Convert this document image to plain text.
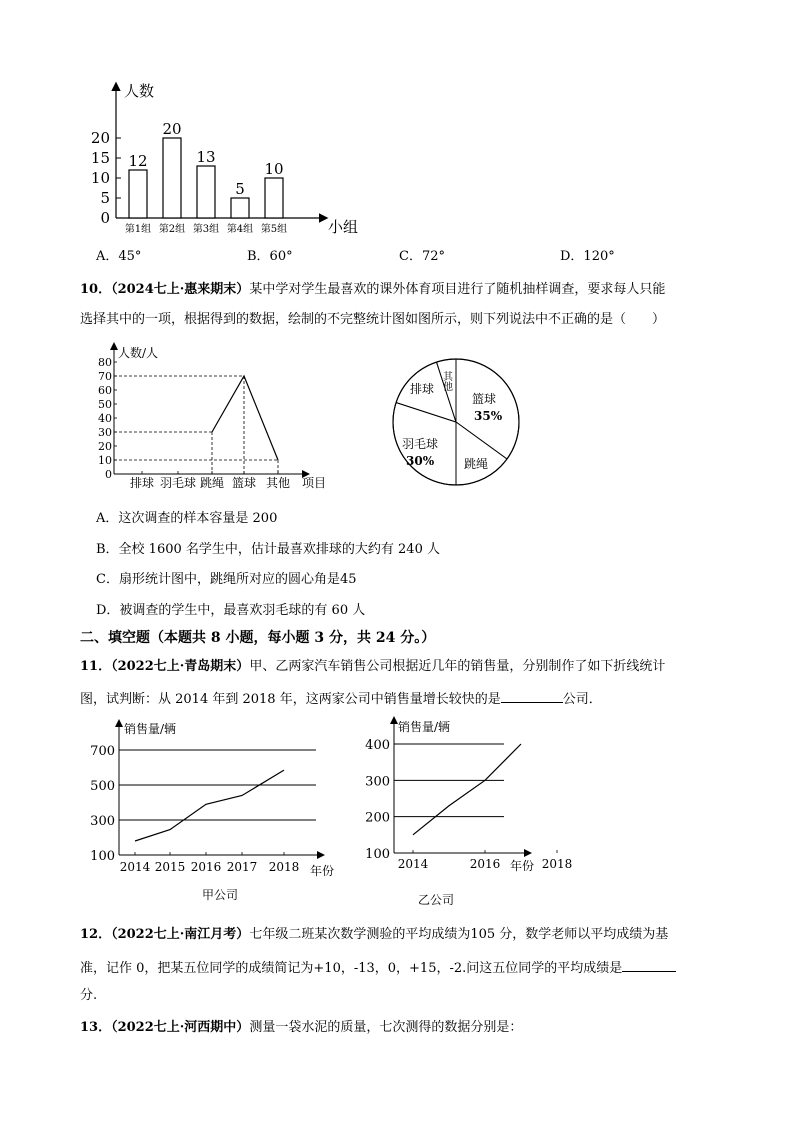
人数
小组
20
15
10
5
0
12
20
13
5
10
第1组 第2组 第3组 第4组 第5组
A．45°	B．60°	C．72°	D．120°
10．（2024七上·惠来期末）某中学对学生最喜欢的课外体育项目进行了随机抽样调查，要求每人只能
选择其中的一项，根据得到的数据，绘制的不完整统计图如图所示，则下列说法中不正确的是（　　）
人数/人
项目
80
70
60
50
40
30
20
10
0
排球 羽毛球 跳绳 篮球 其他
篮球
35%
跳绳
羽毛球
30%
排球 其他
A．这次调查的样本容量是 200
B．全校 1600 名学生中，估计最喜欢排球的大约有 240 人
C．扇形统计图中，跳绳所对应的圆心角是45
D．被调查的学生中，最喜欢羽毛球的有 60 人
二、填空题（本题共 8 小题，每小题 3 分，共 24 分。）
11．（2022七上·青岛期末）甲、乙两家汽车销售公司根据近几年的销售量，分别制作了如下折线统计
图，试判断：从 2014 年到 2018 年，这两家公司中销售量增长较快的是	公司．
销售量/辆
年份
甲公司
700
500
300
100
2014 2015 2016 2017 2018
销售量/辆
年份
乙公司
400
300
200
100
2014	2016	2018
12．（2022七上·南江月考）七年级二班某次数学测验的平均成绩为105 分，数学老师以平均成绩为基
准，记作 0，把某五位同学的成绩简记为+10，-13，0，+15，-2.问这五位同学的平均成绩是
分.
13．（2022七上·河西期中）测量一袋水泥的质量，七次测得的数据分别是：
